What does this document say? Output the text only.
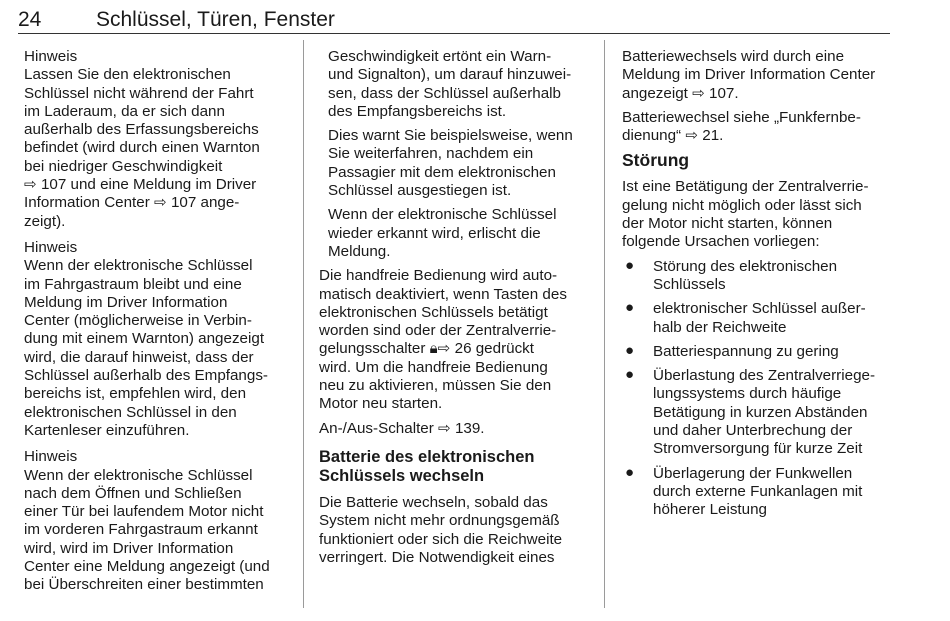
24	Schlüssel, Türen, Fenster
Hinweis

Lassen Sie den elektronischen
Schlüssel nicht während der Fahrt
im Laderaum, da er sich dann
außerhalb des Erfassungsbereichs
befindet (wird durch einen Warnton
bei niedriger Geschwindigkeit
⇨ 107 und eine Meldung im Driver
Information Center ⇨ 107 ange-
zeigt).

Hinweis

Wenn der elektronische Schlüssel
im Fahrgastraum bleibt und eine
Meldung im Driver Information
Center (möglicherweise in Verbin-
dung mit einem Warnton) angezeigt
wird, die darauf hinweist, dass der
Schlüssel außerhalb des Empfangs-
bereichs ist, empfehlen wird, den
elektronischen Schlüssel in den
Kartenleser einzuführen.

Hinweis

Wenn der elektronische Schlüssel
nach dem Öffnen und Schließen
einer Tür bei laufendem Motor nicht
im vorderen Fahrgastraum erkannt
wird, wird im Driver Information
Center eine Meldung angezeigt (und
bei Überschreiten einer bestimmten

Geschwindigkeit ertönt ein Warn-
und Signalton), um darauf hinzuwei-
sen, dass der Schlüssel außerhalb
des Empfangsbereichs ist.

Dies warnt Sie beispielsweise, wenn
Sie weiterfahren, nachdem ein
Passagier mit dem elektronischen
Schlüssel ausgestiegen ist.

Wenn der elektronische Schlüssel
wieder erkannt wird, erlischt die
Meldung.

Die handfreie Bedienung wird auto-
matisch deaktiviert, wenn Tasten des
elektronischen Schlüssels betätigt
worden sind oder der Zentralverrie-
gelungsschalter 🔒︎⇨ 26 gedrückt
wird. Um die handfreie Bedienung
neu zu aktivieren, müssen Sie den
Motor neu starten.

An-/Aus-Schalter ⇨ 139.

Batterie des elektronischen
Schlüssels wechseln

Die Batterie wechseln, sobald das
System nicht mehr ordnungsgemäß
funktioniert oder sich die Reichweite
verringert. Die Notwendigkeit eines

Batteriewechsels wird durch eine
Meldung im Driver Information Center
angezeigt ⇨ 107.

Batteriewechsel siehe „Funkfernbe-
dienung“ ⇨ 21.

Störung

Ist eine Betätigung der Zentralverrie-
gelung nicht möglich oder lässt sich
der Motor nicht starten, können
folgende Ursachen vorliegen:

● Störung des elektronischen
Schlüssels
● elektronischer Schlüssel außer-
halb der Reichweite
● Batteriespannung zu gering
● Überlastung des Zentralverriege-
lungssystems durch häufige
Betätigung in kurzen Abständen
und daher Unterbrechung der
Stromversorgung für kurze Zeit
● Überlagerung der Funkwellen
durch externe Funkanlagen mit
höherer Leistung
